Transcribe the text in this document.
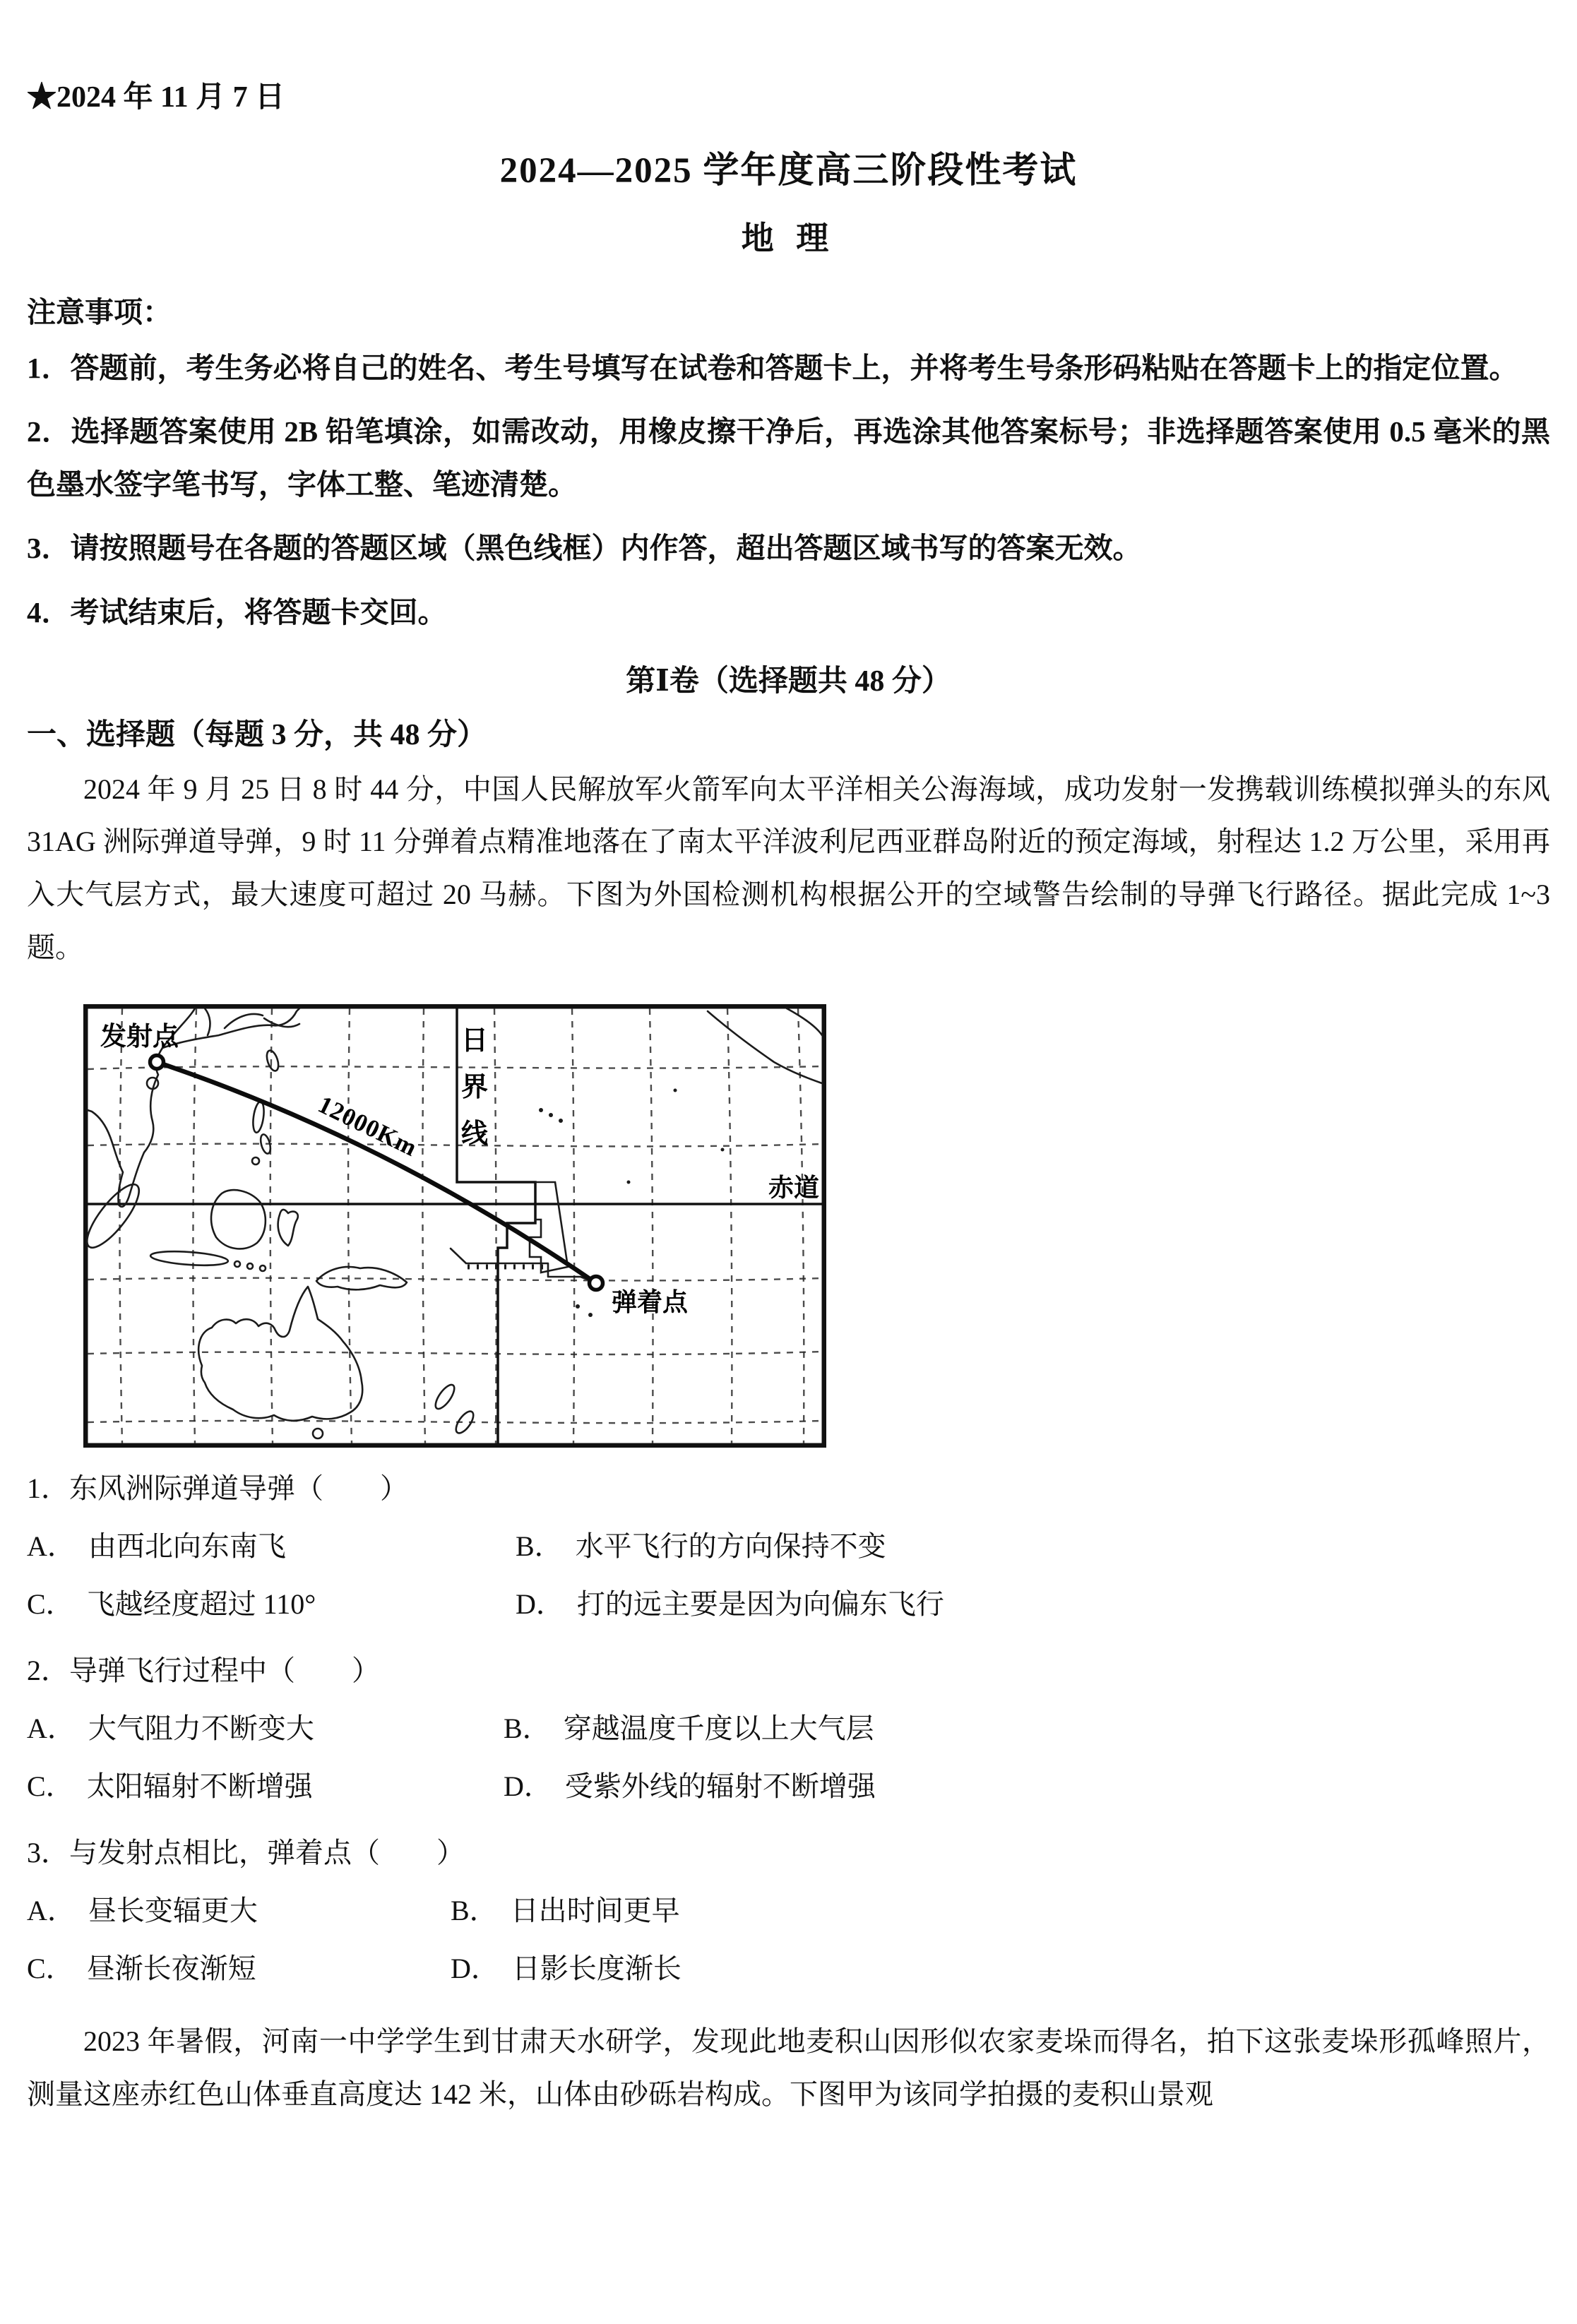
★2024 年 11 月 7 日
2024—2025 学年度高三阶段性考试
地 理
注意事项：

1．答题前，考生务必将自己的姓名、考生号填写在试卷和答题卡上，并将考生号条形码粘贴在答题卡上的指定位置。

2．选择题答案使用 2B 铅笔填涂，如需改动，用橡皮擦干净后，再选涂其他答案标号；非选择题答案使用 0.5 毫米的黑色墨水签字笔书写，字体工整、笔迹清楚。

3．请按照题号在各题的答题区域（黑色线框）内作答，超出答题区域书写的答案无效。

4．考试结束后，将答题卡交回。

第Ⅰ卷（选择题共 48 分）
一、选择题（每题 3 分，共 48 分）

2024 年 9 月 25 日 8 时 44 分，中国人民解放军火箭军向太平洋相关公海海域，成功发射一发携载训练模拟弹头的东风 31AG 洲际弹道导弹，9 时 11 分弹着点精准地落在了南太平洋波利尼西亚群岛附近的预定海域，射程达 1.2 万公里，采用再入大气层方式，最大速度可超过 20 马赫。下图为外国检测机构根据公开的空域警告绘制的导弹飞行路径。据此完成 1~3 题。

发射点	日
界
线
12000Km
赤道
弹着点
1．东风洲际弹道导弹（　　）
A． 由西北向东南飞	B． 水平飞行的方向保持不变
C． 飞越经度超过 110°	D． 打的远主要是因为向偏东飞行
2．导弹飞行过程中（　　）
A． 大气阻力不断变大	B． 穿越温度千度以上大气层
C． 太阳辐射不断增强	D． 受紫外线的辐射不断增强
3．与发射点相比，弹着点（　　）
A． 昼长变辐更大	B． 日出时间更早
C． 昼渐长夜渐短	D． 日影长度渐长

2023 年暑假，河南一中学学生到甘肃天水研学，发现此地麦积山因形似农家麦垛而得名，拍下这张麦垛形孤峰照片，测量这座赤红色山体垂直高度达 142 米，山体由砂砾岩构成。下图甲为该同学拍摄的麦积山景观
